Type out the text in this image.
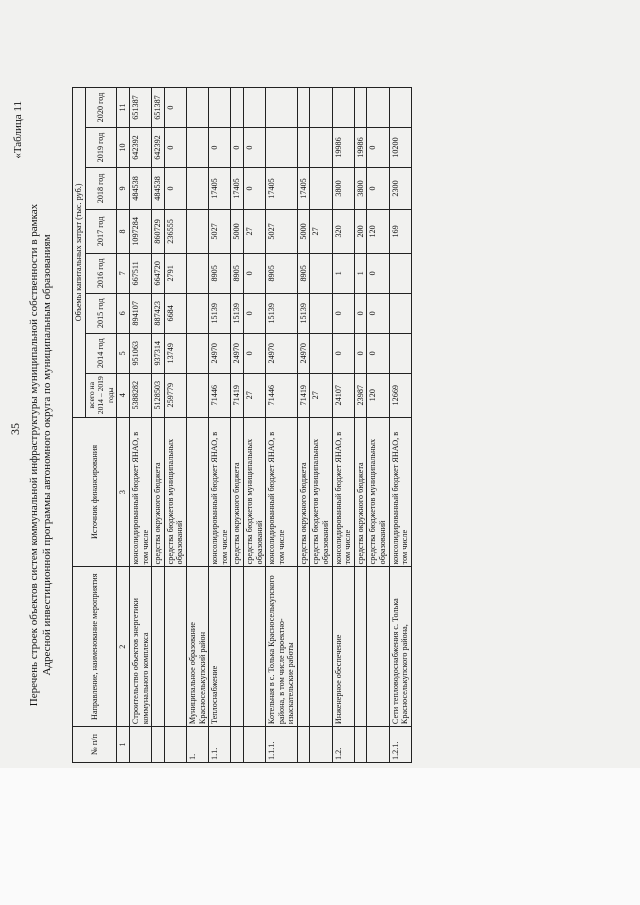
35
«Таблица 11
Перечень строек объектов систем коммунальной инфраструктуры муниципальной собственности в рамках Адресной инвестиционной программы автономного округа по муниципальным образованиям
№ п/п	Направление, наименование мероприятия	Источник финансирования	Объемы капитальных затрат (тыс. руб.)							
			всего на 2014 – 2019 годы	2014 год	2015 год	2016 год	2017 год	2018 год	2019 год	2020 год
1	2	3	4	5	6	7	8	9	10	11
	Строительство объектов энергетики коммунального комплекса	консолидированный бюджет ЯНАО, в том числе	5388282	951063	894107	667511	1097284	484538	642392	651387
		средства окружного бюджета	5128503	937314	887423	664720	860729	484538	642392	651387
		средства бюджетов муниципальных образований	259779	13749	6684	2791	236555	0	0	0
1.	Муниципальное образование Красноселькупский район									
1.1.	Теплоснабжение	консолидированный бюджет ЯНАО, в том числе	71446	24970	15139	8905	5027	17405	0	
		средства окружного бюджета	71419	24970	15139	8905	5000	17405	0	
		средства бюджетов муниципальных образований	27	0	0	0	27	0	0	
1.1.1.	Котельная в с. Толька Красноселькупского района, в том числе проектно-изыскательские работы	консолидированный бюджет ЯНАО, в том числе	71446	24970	15139	8905	5027	17405		
		средства окружного бюджета	71419	24970	15139	8905	5000	17405		
		средства бюджетов муниципальных образований	27				27			
1.2.	Инженерное обеспечение	консолидированный бюджет ЯНАО, в том числе	24107	0	0	1	320	3800	19986	
		средства окружного бюджета	23987	0	0	1	200	3800	19986	
		средства бюджетов муниципальных образований	120	0	0	0	120	0	0	
1.2.1.	Сети тепловодоснабжения с. Толька Красноселькупского района,	консолидированный бюджет ЯНАО, в том числе	12669				169	2300	10200	
